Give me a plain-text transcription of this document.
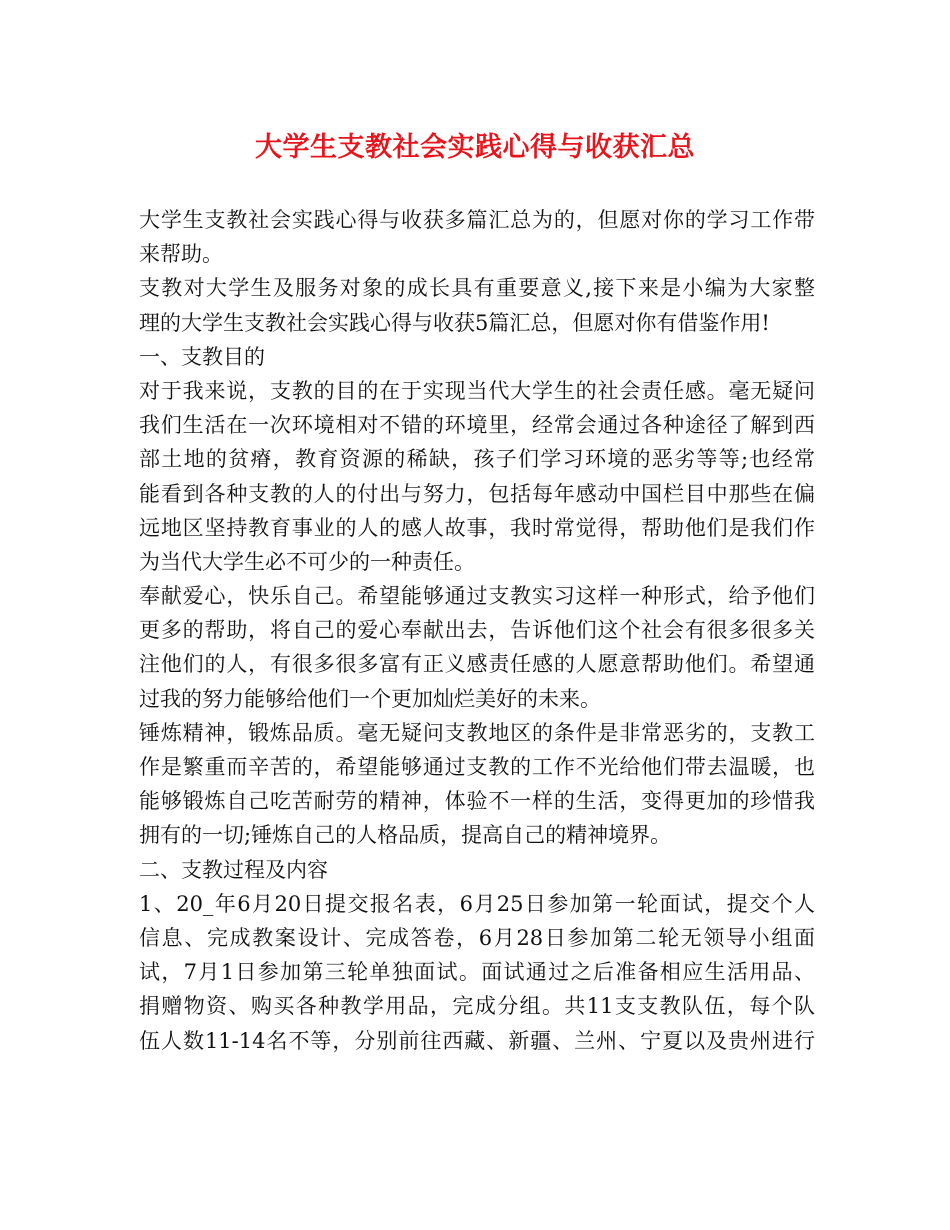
大学生支教社会实践心得与收获汇总
大学生支教社会实践心得与收获多篇汇总为的，但愿对你的学习工作带
来帮助。
支教对大学生及服务对象的成长具有重要意义,接下来是小编为大家整
理的大学生支教社会实践心得与收获5篇汇总，但愿对你有借鉴作用!
一、支教目的
对于我来说，支教的目的在于实现当代大学生的社会责任感。毫无疑问
我们生活在一次环境相对不错的环境里，经常会通过各种途径了解到西
部土地的贫瘠，教育资源的稀缺，孩子们学习环境的恶劣等等;也经常
能看到各种支教的人的付出与努力，包括每年感动中国栏目中那些在偏
远地区坚持教育事业的人的感人故事，我时常觉得，帮助他们是我们作
为当代大学生必不可少的一种责任。
奉献爱心，快乐自己。希望能够通过支教实习这样一种形式，给予他们
更多的帮助，将自己的爱心奉献出去，告诉他们这个社会有很多很多关
注他们的人，有很多很多富有正义感责任感的人愿意帮助他们。希望通
过我的努力能够给他们一个更加灿烂美好的未来。
锤炼精神，锻炼品质。毫无疑问支教地区的条件是非常恶劣的，支教工
作是繁重而辛苦的，希望能够通过支教的工作不光给他们带去温暖，也
能够锻炼自己吃苦耐劳的精神，体验不一样的生活，变得更加的珍惜我
拥有的一切;锤炼自己的人格品质，提高自己的精神境界。
二、支教过程及内容
1、20_年6月20日提交报名表，6月25日参加第一轮面试，提交个人
信息、完成教案设计、完成答卷，6月28日参加第二轮无领导小组面
试，7月1日参加第三轮单独面试。面试通过之后准备相应生活用品、
捐赠物资、购买各种教学用品，完成分组。共11支支教队伍，每个队
伍人数11-14名不等，分别前往西藏、新疆、兰州、宁夏以及贵州进行
